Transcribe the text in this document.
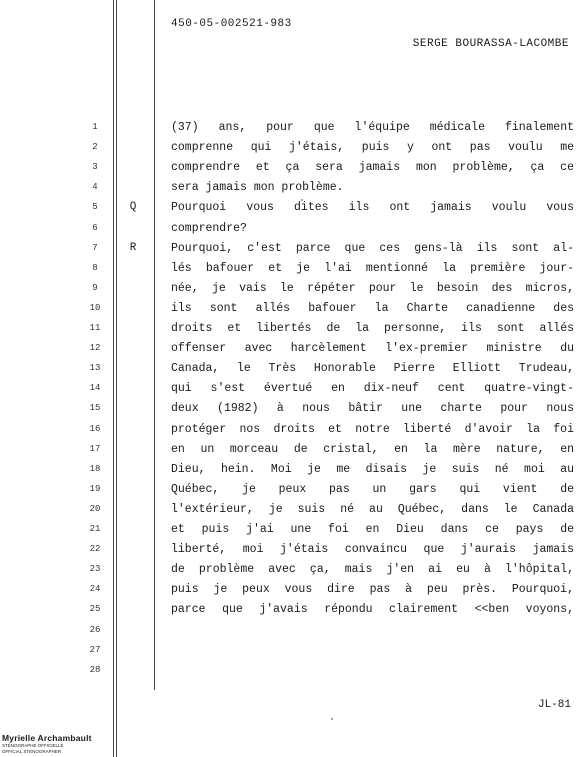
450-05-002521-983
SERGE BOURASSA-LACOMBE
1	(37) ans, pour que l'équipe médicale finalement
2	comprenne qui j'étais, puis y ont pas voulu me
3	comprendre et ça sera jamais mon problème, ça ce
4	sera jamais mon problème.
5	Q	Pourquoi vous dites ils ont jamais voulu vous
6	comprendre?
7	R	Pourquoi, c'est parce que ces gens-là ils sont al-
8	lés bafouer et je l'ai mentionné la première jour-
9	née, je vais le répéter pour le besoin des micros,
10	ils sont allés bafouer la Charte canadienne des
11	droits et libertés de la personne, ils sont allés
12	offenser avec harcèlement l'ex-premier ministre du
13	Canada, le Très Honorable Pierre Elliott Trudeau,
14	qui s'est évertué en dix-neuf cent quatre-vingt-
15	deux (1982) à nous bâtir une charte pour nous
16	protéger nos droits et notre liberté d'avoir la foi
17	en un morceau de cristal, en la mère nature, en
18	Dieu, hein. Moi je me disais je suis né moi au
19	Québec, je peux pas un gars qui vient de
20	l'extérieur, je suis né au Québec, dans le Canada
21	et puis j'ai une foi en Dieu dans ce pays de
22	liberté, moi j'étais convaincu que j'aurais jamais
23	de problème avec ça, mais j'en ai eu à l'hôpital,
24	puis je peux vous dire pas à peu près. Pourquoi,
25	parce que j'avais répondu clairement <<ben voyons,
26
27
28
JL-81
Myrielle Archambault
STÉNOGRAPHE OFFICIELLE
OFFICIAL STENOGRAPHER
